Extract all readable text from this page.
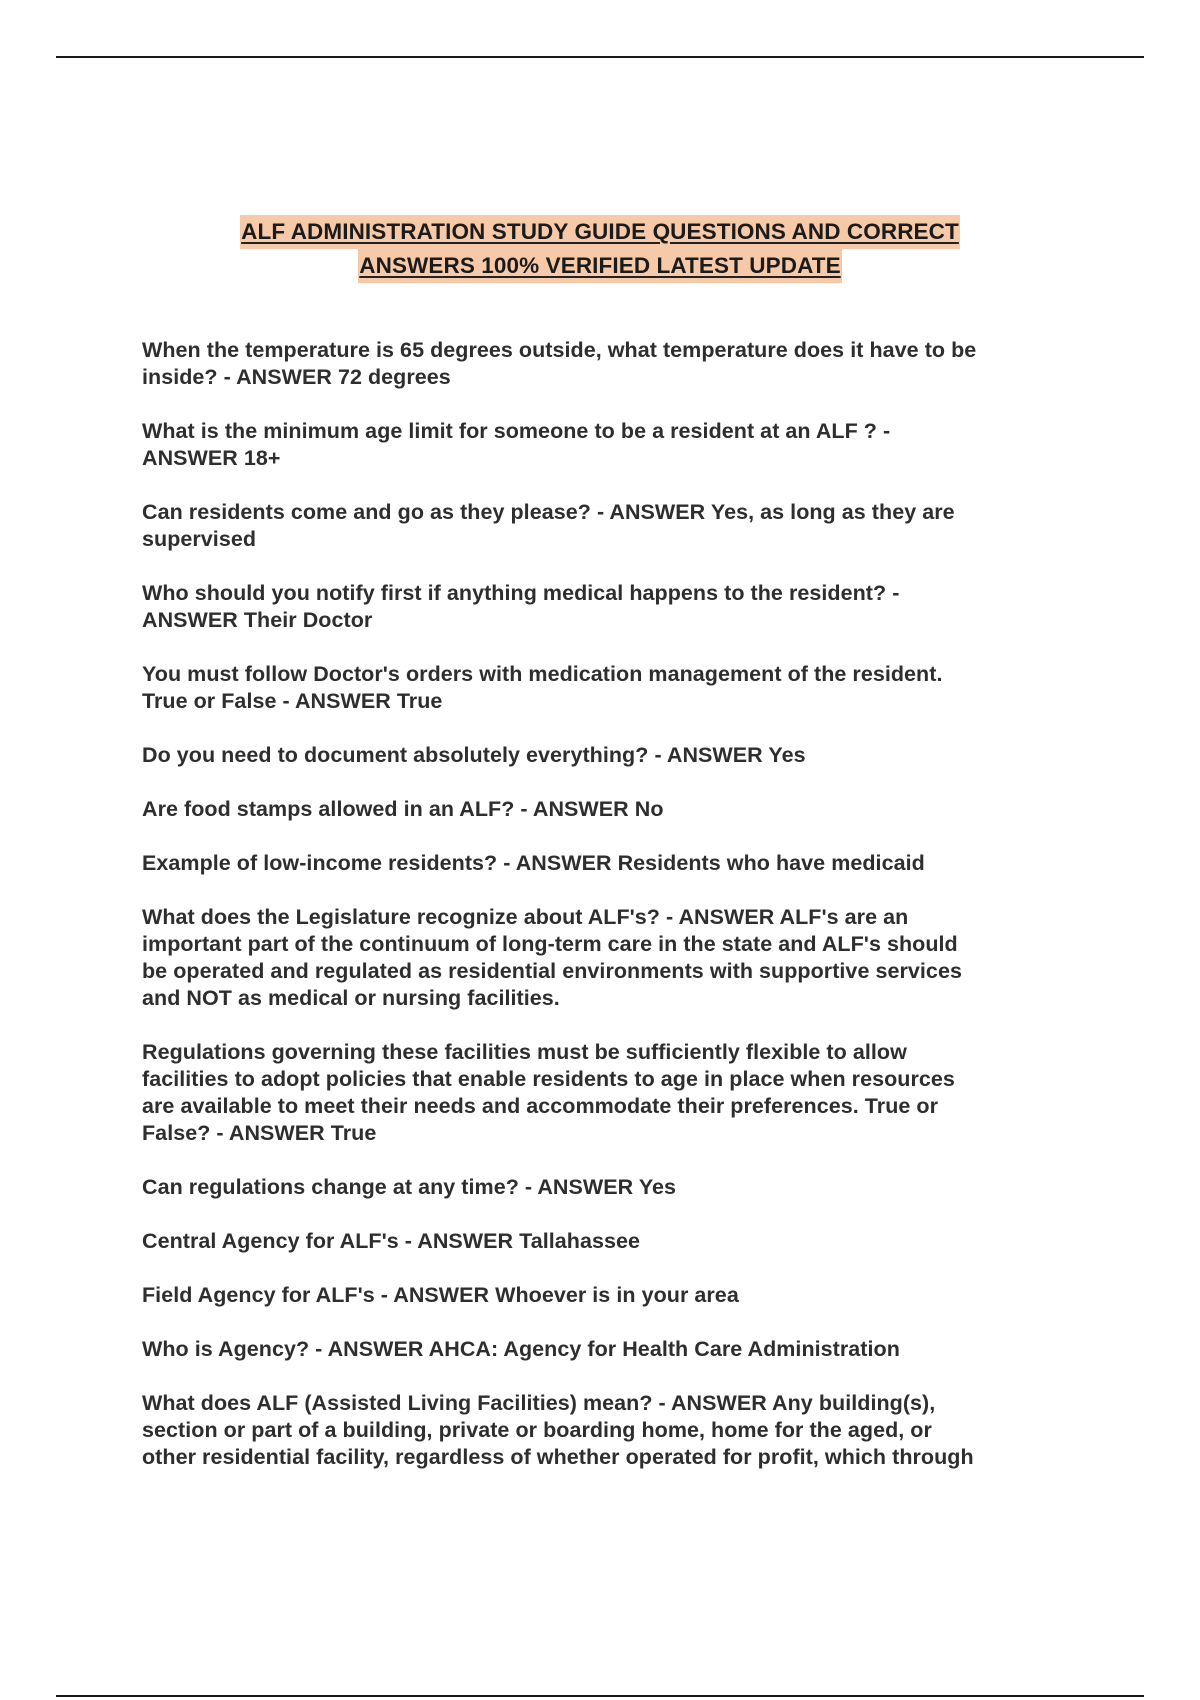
ALF ADMINISTRATION STUDY GUIDE QUESTIONS AND CORRECT
ANSWERS 100% VERIFIED LATEST UPDATE

When the temperature is 65 degrees outside, what temperature does it have to be
inside? - ANSWER 72 degrees

What is the minimum age limit for someone to be a resident at an ALF ? -
ANSWER 18+

Can residents come and go as they please? - ANSWER Yes, as long as they are
supervised

Who should you notify first if anything medical happens to the resident? -
ANSWER Their Doctor

You must follow Doctor's orders with medication management of the resident.
True or False - ANSWER True

Do you need to document absolutely everything? - ANSWER Yes

Are food stamps allowed in an ALF? - ANSWER No

Example of low-income residents? - ANSWER Residents who have medicaid

What does the Legislature recognize about ALF's? - ANSWER ALF's are an
important part of the continuum of long-term care in the state and ALF's should
be operated and regulated as residential environments with supportive services
and NOT as medical or nursing facilities.

Regulations governing these facilities must be sufficiently flexible to allow
facilities to adopt policies that enable residents to age in place when resources
are available to meet their needs and accommodate their preferences. True or
False? - ANSWER True

Can regulations change at any time? - ANSWER Yes

Central Agency for ALF's - ANSWER Tallahassee

Field Agency for ALF's - ANSWER Whoever is in your area

Who is Agency? - ANSWER AHCA: Agency for Health Care Administration

What does ALF (Assisted Living Facilities) mean? - ANSWER Any building(s),
section or part of a building, private or boarding home, home for the aged, or
other residential facility, regardless of whether operated for profit, which through
